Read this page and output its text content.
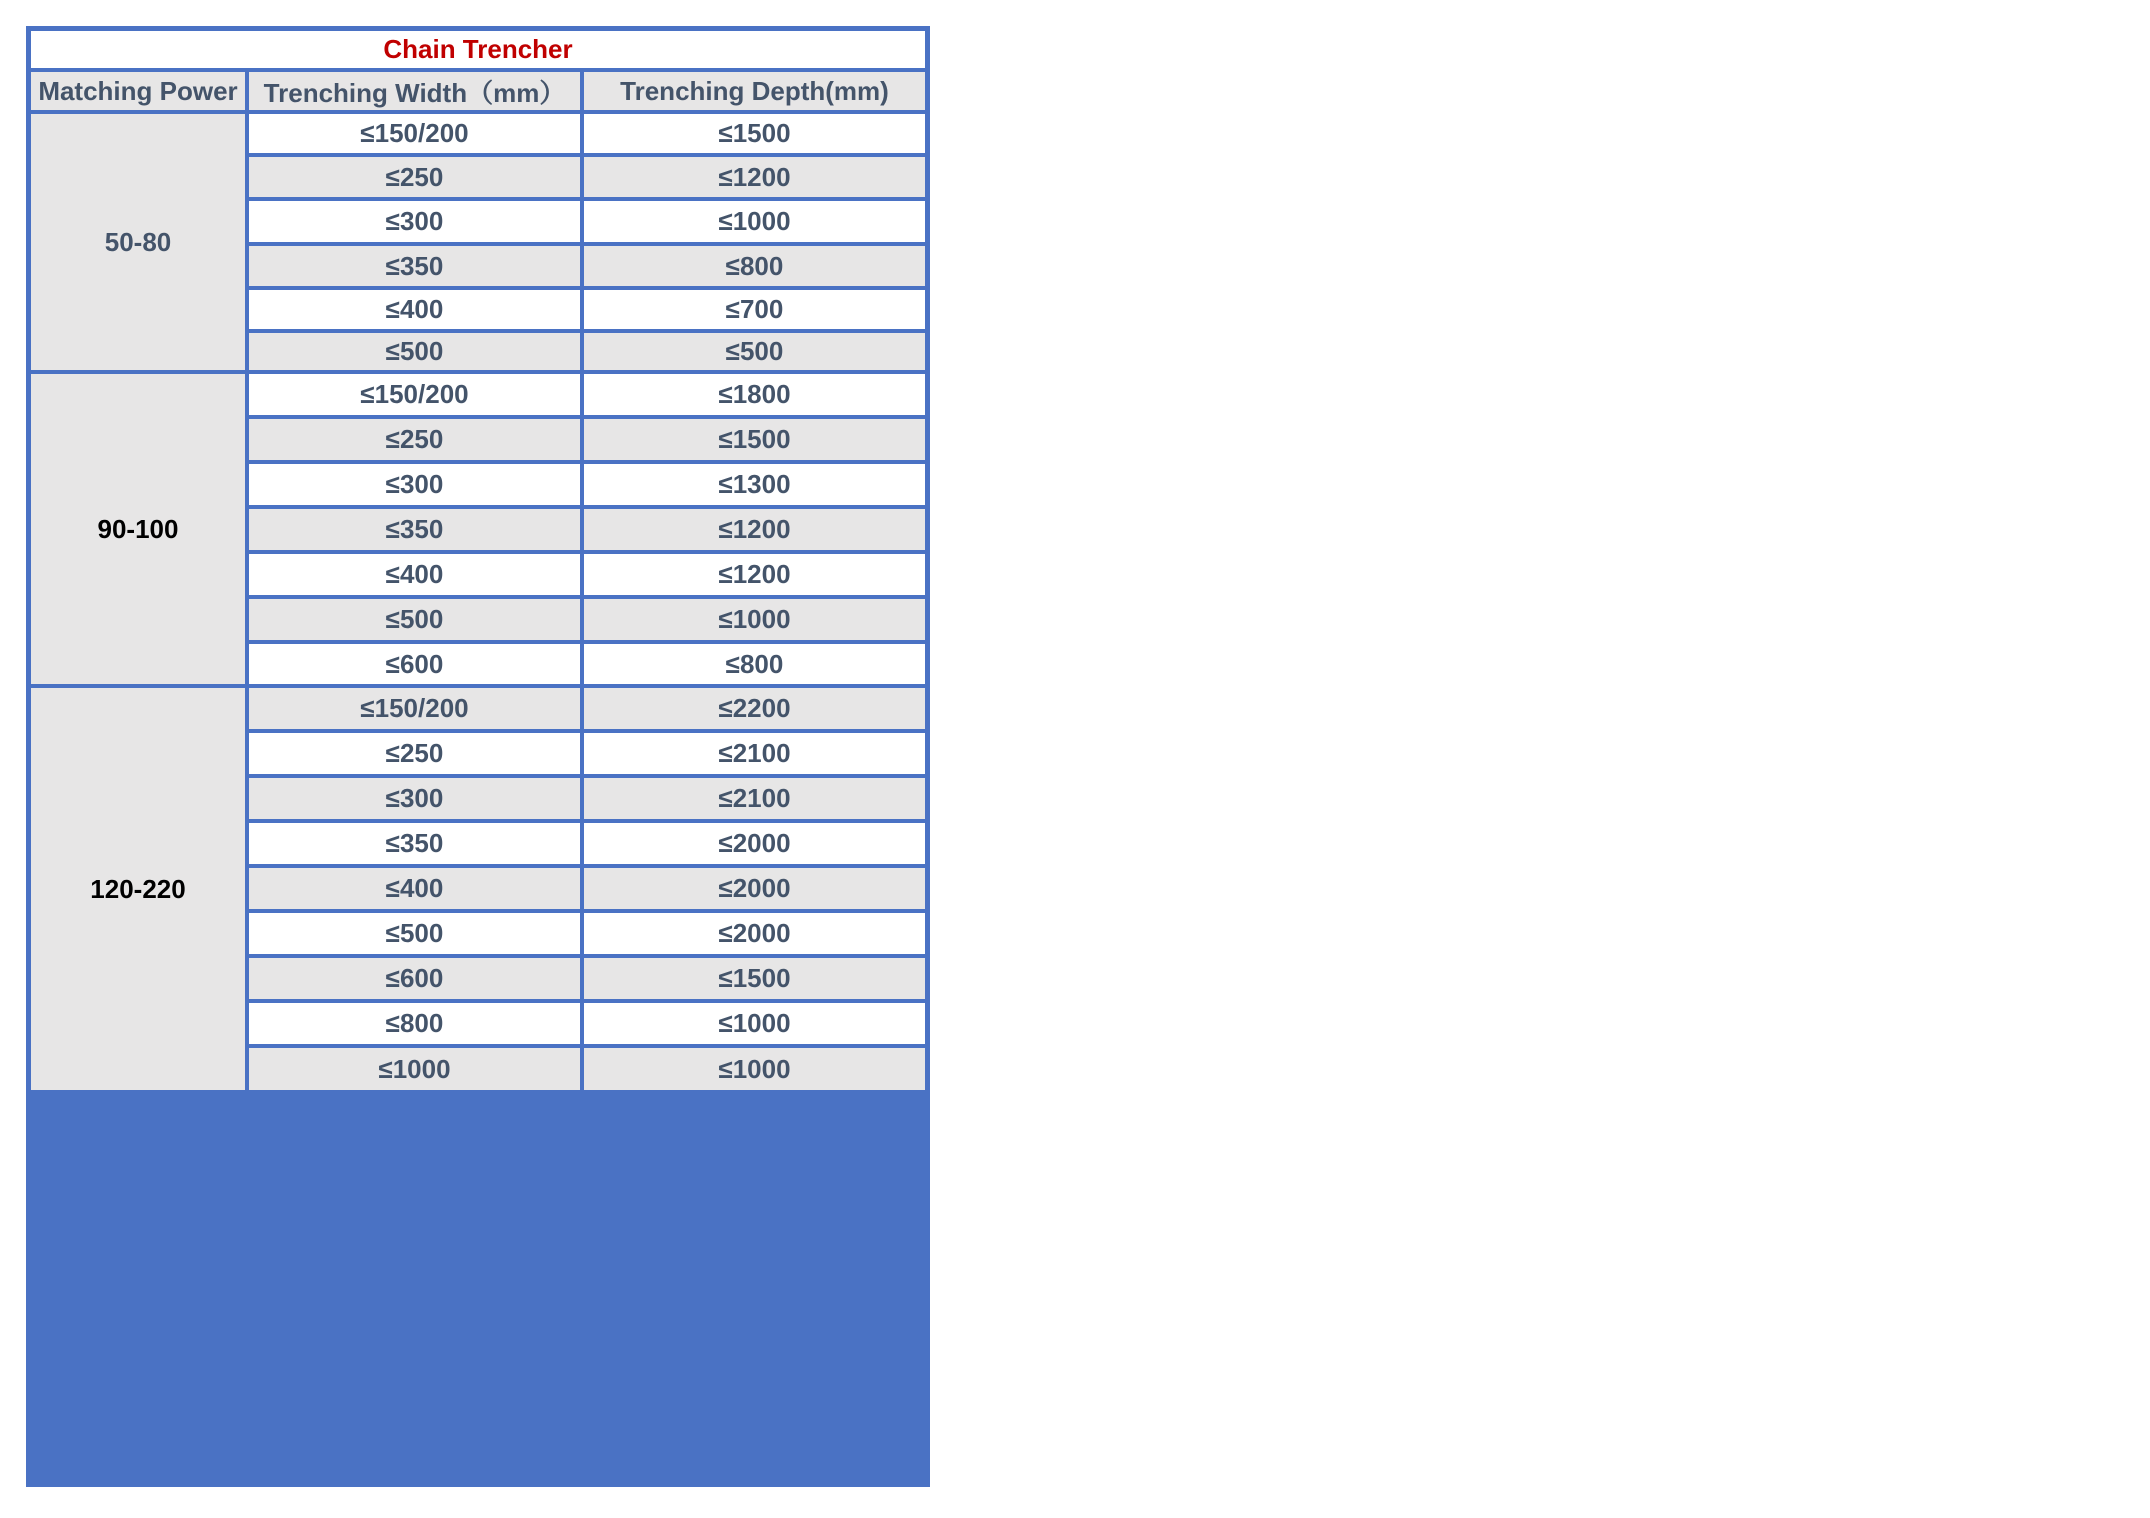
Chain Trencher
Matching Power	Trenching Width（mm）	Trenching Depth(mm)
50-80
≤150/200	≤1500
≤250	≤1200
≤300	≤1000
≤350	≤800
≤400	≤700
≤500	≤500
90-100
≤150/200	≤1800
≤250	≤1500
≤300	≤1300
≤350	≤1200
≤400	≤1200
≤500	≤1000
≤600	≤800
120-220
≤150/200	≤2200
≤250	≤2100
≤300	≤2100
≤350	≤2000
≤400	≤2000
≤500	≤2000
≤600	≤1500
≤800	≤1000
≤1000	≤1000
